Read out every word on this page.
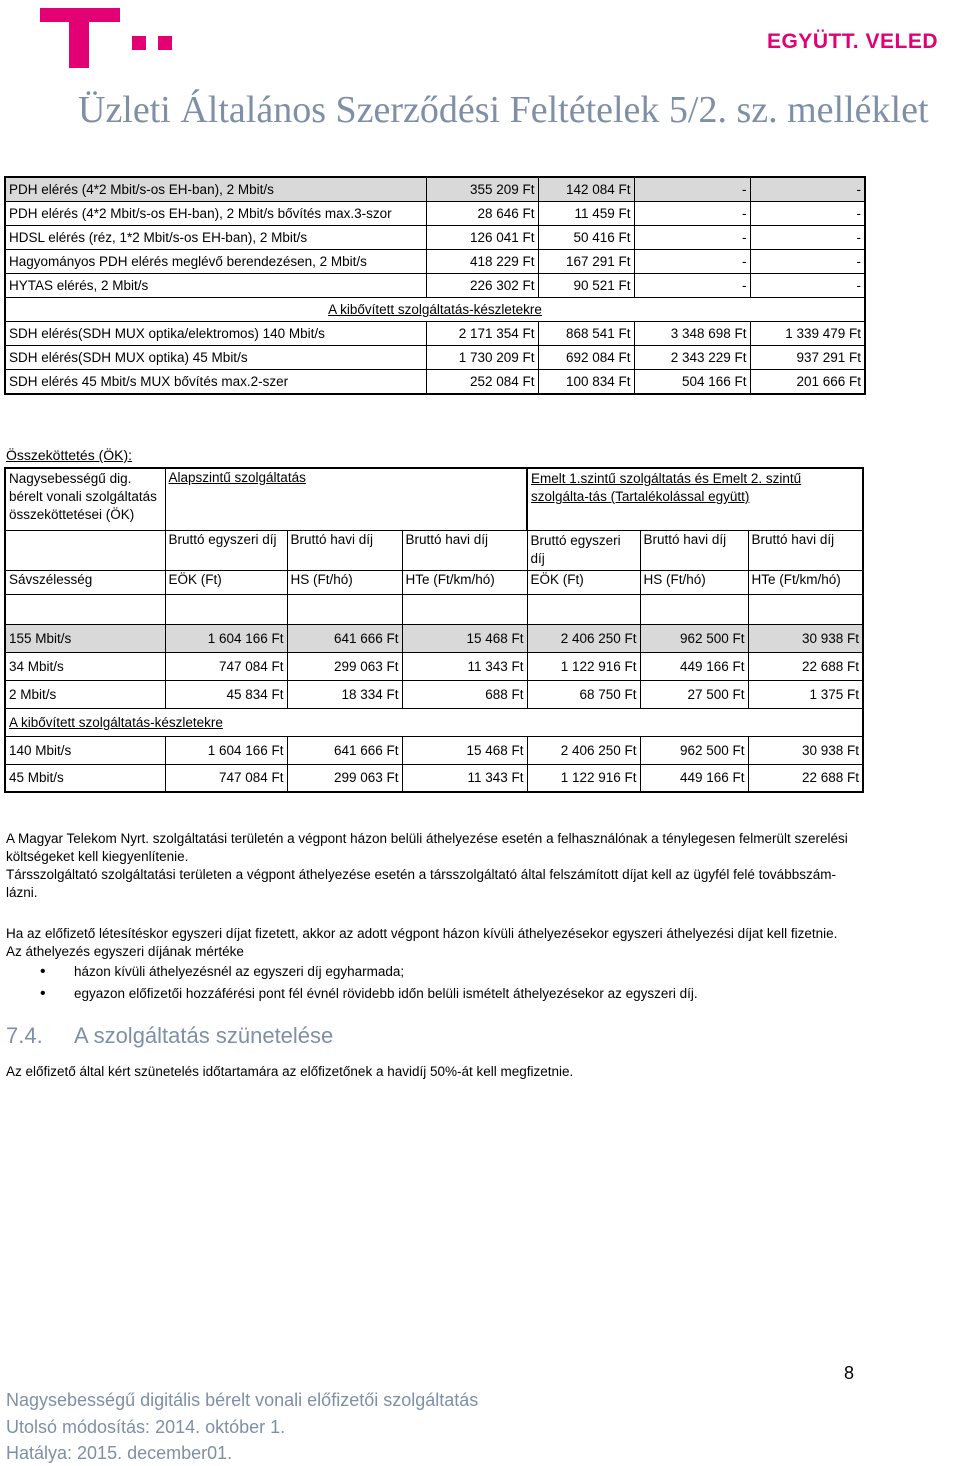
EGYÜTT. VELED
Üzleti Általános Szerződési Feltételek 5/2. sz. melléklet
PDH elérés (4*2 Mbit/s-os EH-ban), 2 Mbit/s	355 209 Ft	142 084 Ft	-	-
PDH elérés (4*2 Mbit/s-os EH-ban), 2 Mbit/s bővítés max.3-szor	28 646 Ft	11 459 Ft	-	-
HDSL elérés (réz, 1*2 Mbit/s-os EH-ban), 2 Mbit/s	126 041 Ft	50 416 Ft	-	-
Hagyományos PDH elérés meglévő berendezésen, 2 Mbit/s	418 229 Ft	167 291 Ft	-	-
HYTAS elérés, 2 Mbit/s	226 302 Ft	90 521 Ft	-	-
A kibővített szolgáltatás-készletekre				
SDH elérés(SDH MUX optika/elektromos) 140 Mbit/s	2 171 354 Ft	868 541 Ft	3 348 698 Ft	1 339 479 Ft
SDH elérés(SDH MUX optika) 45 Mbit/s	1 730 209 Ft	692 084 Ft	2 343 229 Ft	937 291 Ft
SDH elérés 45 Mbit/s MUX bővítés max.2-szer	252 084 Ft	100 834 Ft	504 166 Ft	201 666 Ft
Összeköttetés (ÖK):
Nagysebességű dig. bérelt vonali szolgáltatás összeköttetései (ÖK)	Alapszintű szolgáltatás			Emelt 1.szintű szolgáltatás és Emelt 2. szintű szolgálta-tás (Tartalékolással együtt)		
	Bruttó egyszeri díj	Bruttó havi díj	Bruttó havi díj	Bruttó egyszeri díj	Bruttó havi díj	Bruttó havi díj
Sávszélesség	EÖK (Ft)	HS (Ft/hó)	HTe (Ft/km/hó)	EÖK (Ft)	HS (Ft/hó)	HTe (Ft/km/hó)

155 Mbit/s	1 604 166 Ft	641 666 Ft	15 468 Ft	2 406 250 Ft	962 500 Ft	30 938 Ft
34 Mbit/s	747 084 Ft	299 063 Ft	11 343 Ft	1 122 916 Ft	449 166 Ft	22 688 Ft
2 Mbit/s	45 834 Ft	18 334 Ft	688 Ft	68 750 Ft	27 500 Ft	1 375 Ft
A kibővített szolgáltatás-készletekre						
140 Mbit/s	1 604 166 Ft	641 666 Ft	15 468 Ft	2 406 250 Ft	962 500 Ft	30 938 Ft
45 Mbit/s	747 084 Ft	299 063 Ft	11 343 Ft	1 122 916 Ft	449 166 Ft	22 688 Ft
A Magyar Telekom Nyrt. szolgáltatási területén a végpont házon belüli áthelyezése esetén a felhasználónak a ténylegesen felmerült szerelési költségeket kell kiegyenlítenie.
Társszolgáltató szolgáltatási területen a végpont áthelyezése esetén a társszolgáltató által felszámított díjat kell az ügyfél felé továbbszám-lázni.
Ha az előfizető létesítéskor egyszeri díjat fizetett, akkor az adott végpont házon kívüli áthelyezésekor egyszeri áthelyezési díjat kell fizetnie. Az áthelyezés egyszeri díjának mértéke
• házon kívüli áthelyezésnél az egyszeri díj egyharmada;
• egyazon előfizetői hozzáférési pont fél évnél rövidebb időn belüli ismételt áthelyezésekor az egyszeri díj.
7.4. A szolgáltatás szünetelése
Az előfizető által kért szünetelés időtartamára az előfizetőnek a havidíj 50%-át kell megfizetnie.
8
Nagysebességű digitális bérelt vonali előfizetői szolgáltatás
Utolsó módosítás: 2014. október 1.
Hatálya: 2015. december01.
